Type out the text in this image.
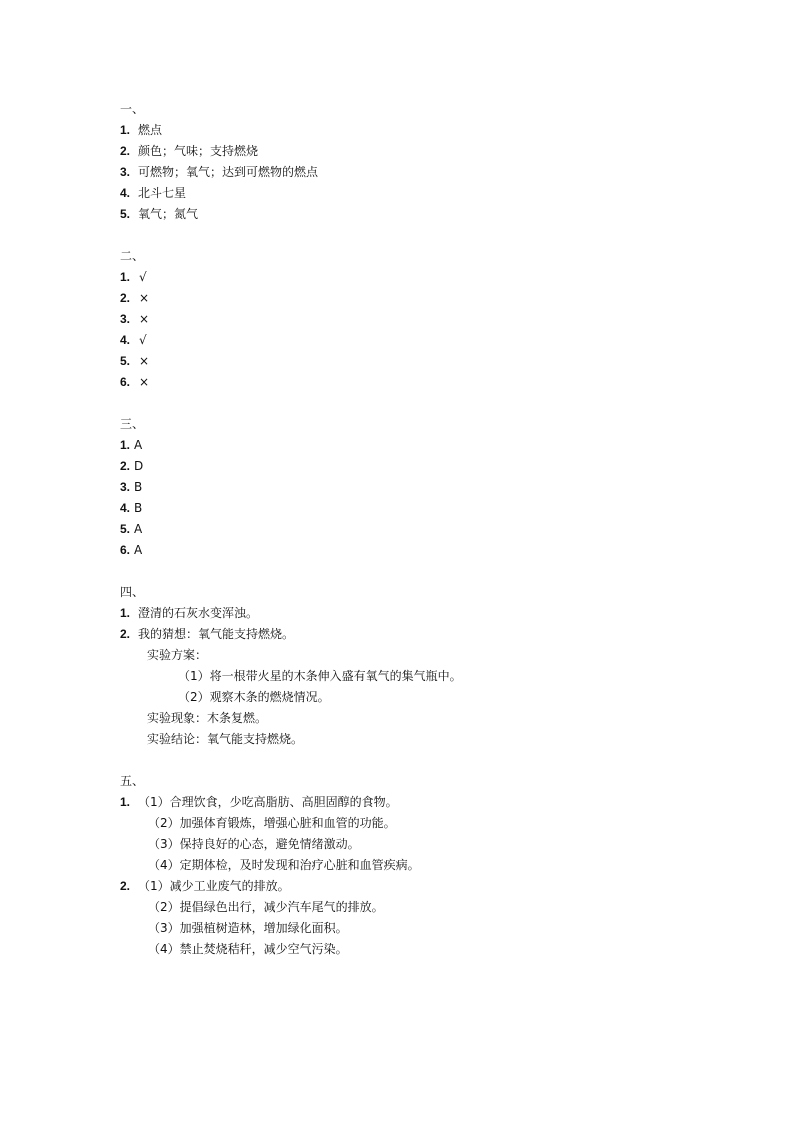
一、
1. 燃点
2. 颜色；气味；支持燃烧
3. 可燃物；氧气；达到可燃物的燃点
4. 北斗七星
5. 氧气；氮气
二、
1. √
2. ×
3. ×
4. √
5. ×
6. ×
三、
1. A
2. D
3. B
4. B
5. A
6. A
四、
1. 澄清的石灰水变浑浊。
2. 我的猜想：氧气能支持燃烧。
实验方案：
（1）将一根带火星的木条伸入盛有氧气的集气瓶中。
（2）观察木条的燃烧情况。
实验现象：木条复燃。
实验结论：氧气能支持燃烧。
五、
1. （1）合理饮食，少吃高脂肪、高胆固醇的食物。
（2）加强体育锻炼，增强心脏和血管的功能。
（3）保持良好的心态，避免情绪激动。
（4）定期体检，及时发现和治疗心脏和血管疾病。
2. （1）减少工业废气的排放。
（2）提倡绿色出行，减少汽车尾气的排放。
（3）加强植树造林，增加绿化面积。
（4）禁止焚烧秸秆，减少空气污染。
